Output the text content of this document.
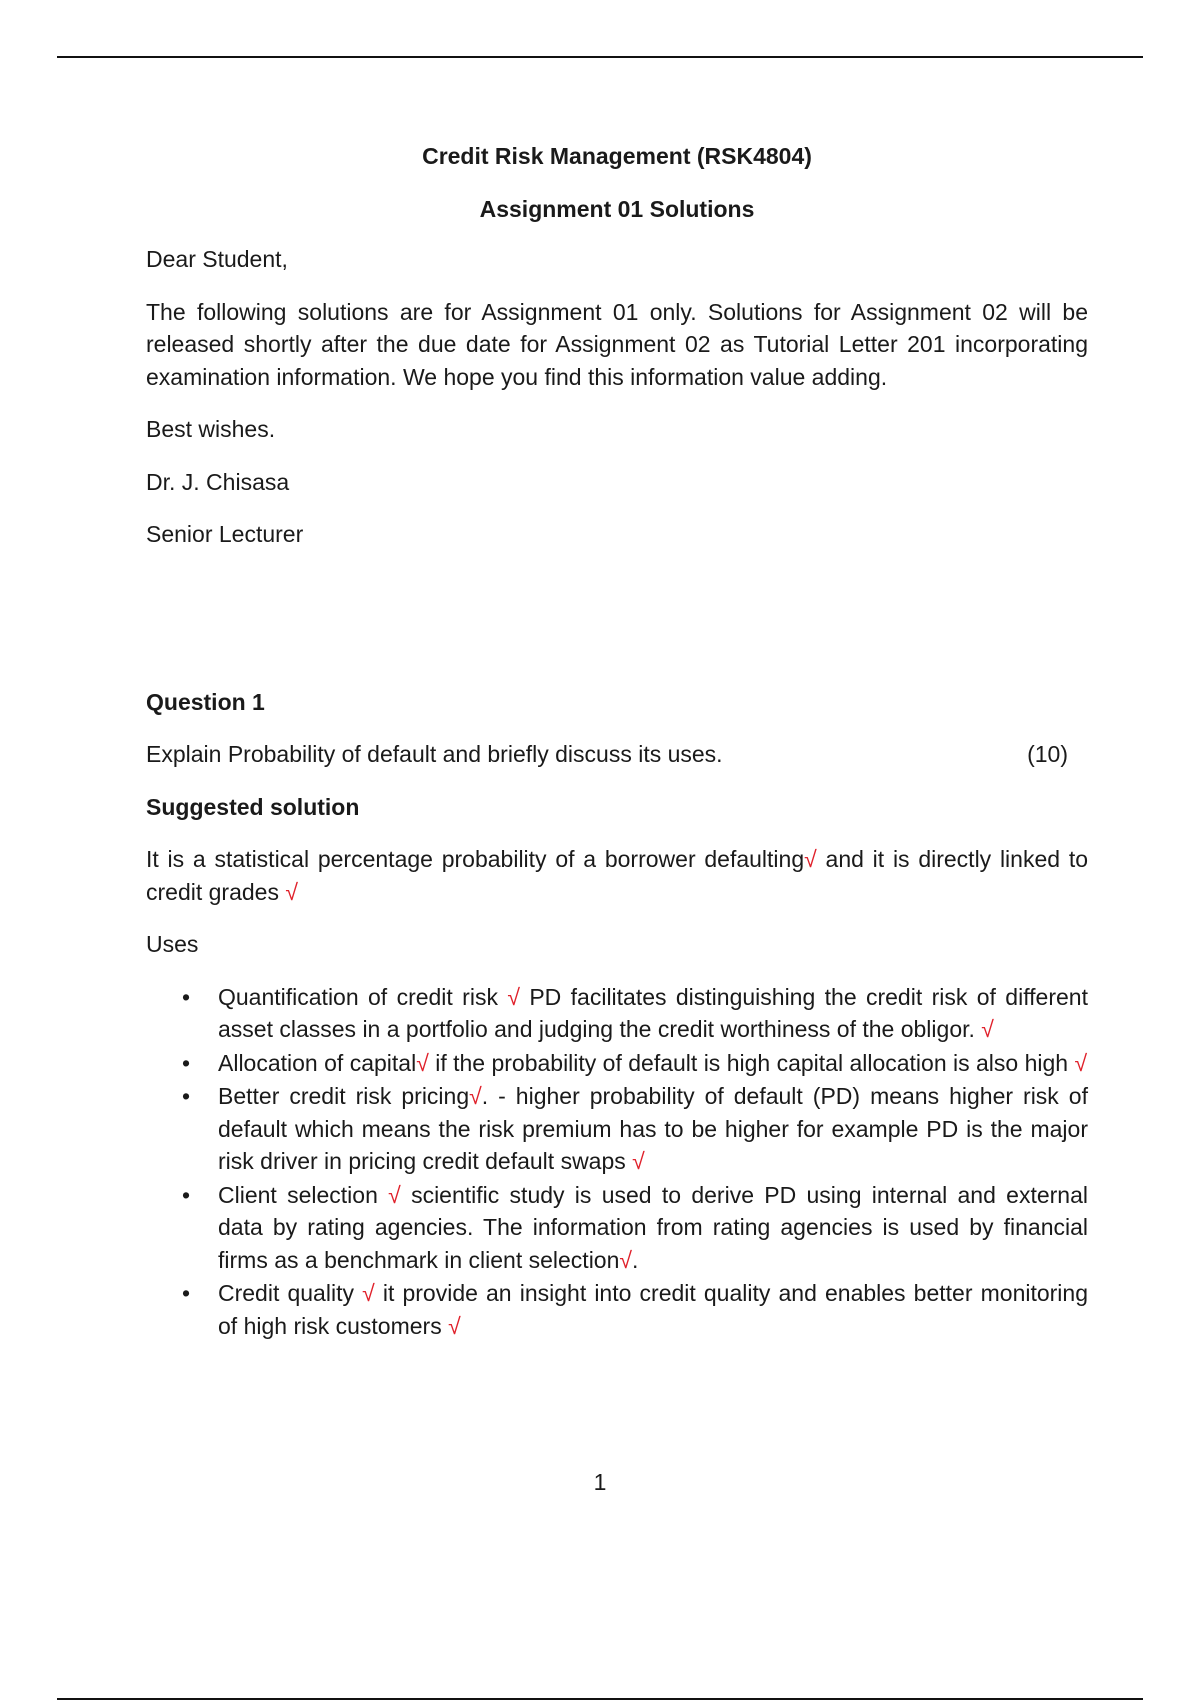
Credit Risk Management (RSK4804)

Assignment 01 Solutions

Dear Student,

The following solutions are for Assignment 01 only. Solutions for Assignment 02 will be released shortly after the due date for Assignment 02 as Tutorial Letter 201 incorporating examination information. We hope you find this information value adding.

Best wishes.

Dr. J. Chisasa

Senior Lecturer

Question 1

Explain Probability of default and briefly discuss its uses.	(10)

Suggested solution

It is a statistical percentage probability of a borrower defaulting√ and it is directly linked to credit grades √

Uses

• Quantification of credit risk √ PD facilitates distinguishing the credit risk of different asset classes in a portfolio and judging the credit worthiness of the obligor. √
• Allocation of capital√ if the probability of default is high capital allocation is also high √
• Better credit risk pricing√. - higher probability of default (PD) means higher risk of default which means the risk premium has to be higher for example PD is the major risk driver in pricing credit default swaps √
• Client selection √ scientific study is used to derive PD using internal and external data by rating agencies. The information from rating agencies is used by financial firms as a benchmark in client selection√.
• Credit quality √ it provide an insight into credit quality and enables better monitoring of high risk customers √
1
